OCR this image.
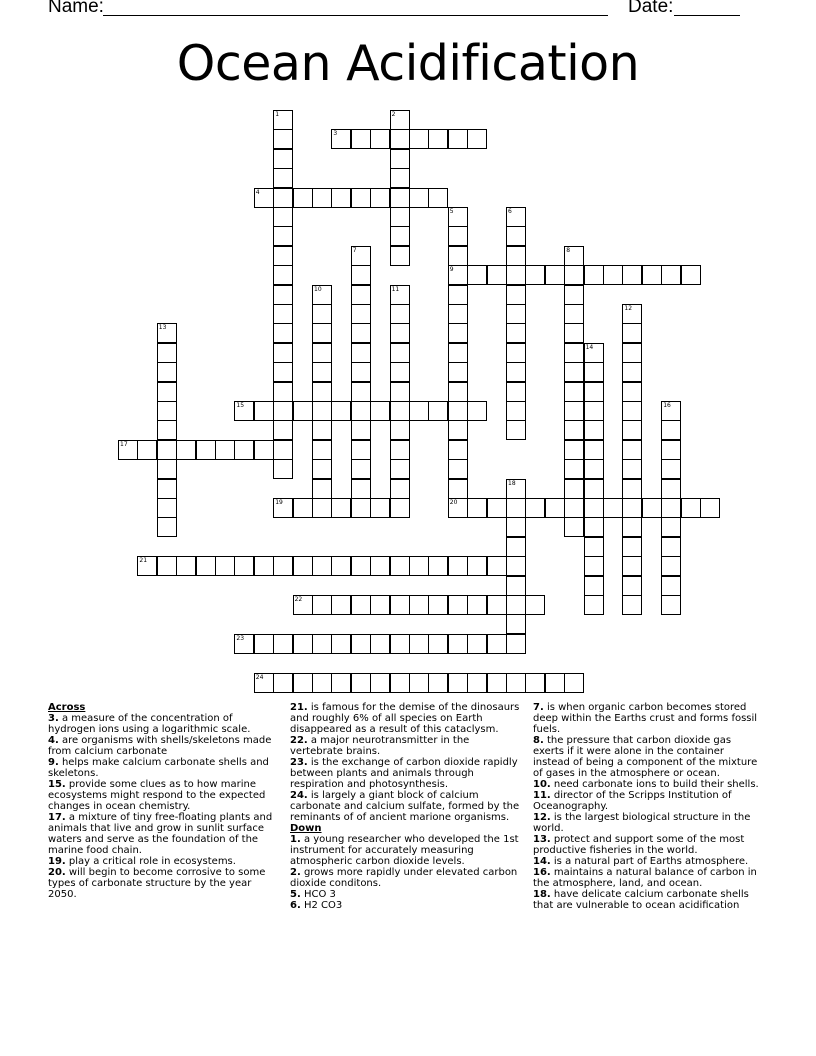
Name:	Date:
Ocean Acidification
3
4
9
15
17
19	20
21
22
23
24
1	2
5	6
7	8
10	11
12
13
14
16
18
Across
3. a measure of the concentration of hydrogen ions using a logarithmic scale.
4. are organisms with shells/skeletons made from calcium carbonate
9. helps make calcium carbonate shells and skeletons.
15. provide some clues as to how marine ecosystems might respond to the expected changes in ocean chemistry.
17. a mixture of tiny free-floating plants and animals that live and grow in sunlit surface waters and serve as the foundation of the marine food chain.
19. play a critical role in ecosystems.
20. will begin to become corrosive to some types of carbonate structure by the year 2050.
21. is famous for the demise of the dinosaurs and roughly 6% of all species on Earth disappeared as a result of this cataclysm.
22. a major neurotransmitter in the vertebrate brains.
23. is the exchange of carbon dioxide rapidly between plants and animals through respiration and photosynthesis.
24. is largely a giant block of calcium carbonate and calcium sulfate, formed by the reminants of of ancient marione organisms.
Down
1. a young researcher who developed the 1st instrument for accurately measuring atmospheric carbon dioxide levels.
2. grows more rapidly under elevated carbon dioxide conditons.
5. HCO 3
6. H2 CO3
7. is when organic carbon becomes stored deep within the Earths crust and forms fossil fuels.
8. the pressure that carbon dioxide gas exerts if it were alone in the container instead of being a component of the mixture of gases in the atmosphere or ocean.
10. need carbonate ions to build their shells.
11. director of the Scripps Institution of Oceanography.
12. is the largest biological structure in the world.
13. protect and support some of the most productive fisheries in the world.
14. is a natural part of Earths atmosphere.
16. maintains a natural balance of carbon in the atmosphere, land, and ocean.
18. have delicate calcium carbonate shells that are vulnerable to ocean acidification
